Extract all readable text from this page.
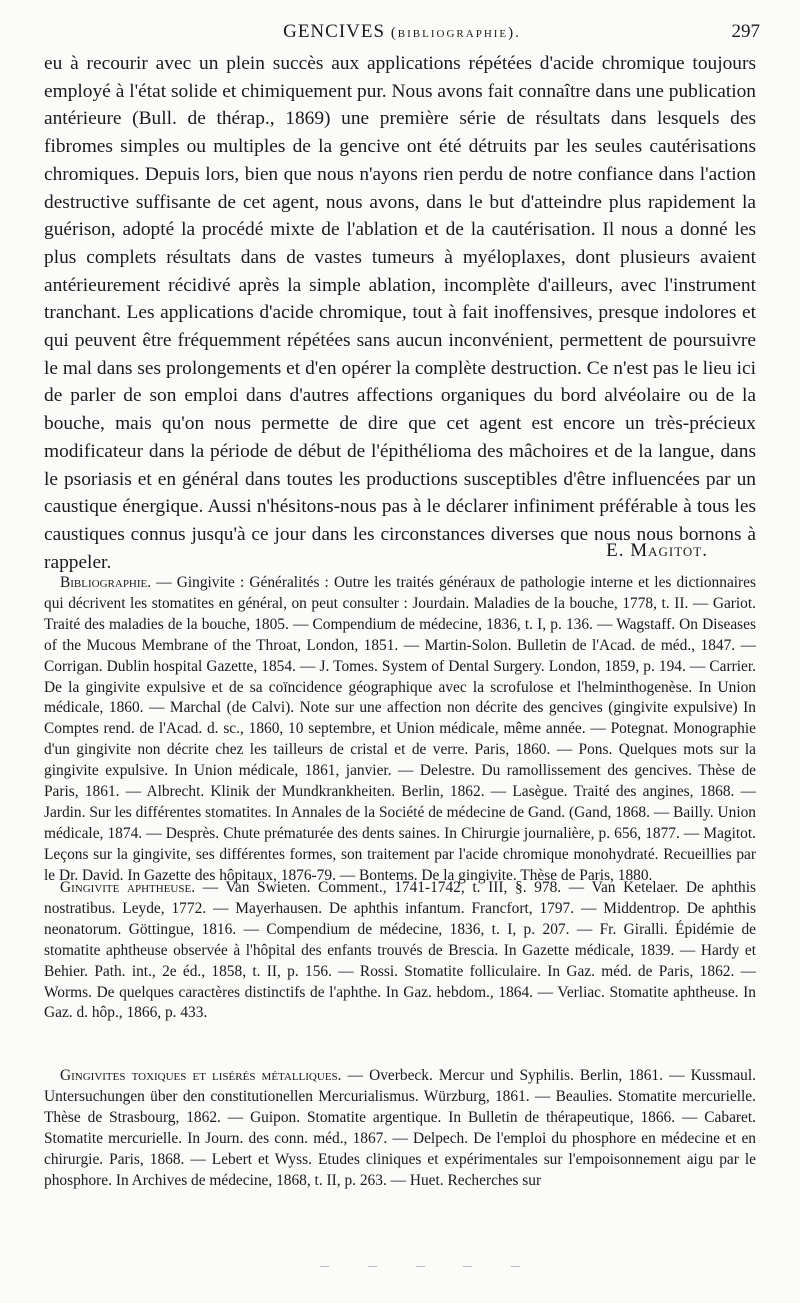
GENCIVES (bibliographie).	297

eu à recourir avec un plein succès aux applications répétées d'acide chromique toujours employé à l'état solide et chimiquement pur. Nous avons fait connaître dans une publication antérieure (Bull. de thérap., 1869) une première série de résultats dans lesquels des fibromes simples ou multiples de la gencive ont été détruits par les seules cautérisations chromiques. Depuis lors, bien que nous n'ayons rien perdu de notre confiance dans l'action destructive suffisante de cet agent, nous avons, dans le but d'atteindre plus rapidement la guérison, adopté la procédé mixte de l'ablation et de la cautérisation. Il nous a donné les plus complets résultats dans de vastes tumeurs à myéloplaxes, dont plusieurs avaient antérieurement récidivé après la simple ablation, incomplète d'ailleurs, avec l'instrument tranchant. Les applications d'acide chromique, tout à fait inoffensives, presque indolores et qui peuvent être fréquemment répétées sans aucun inconvénient, permettent de poursuivre le mal dans ses prolongements et d'en opérer la complète destruction. Ce n'est pas le lieu ici de parler de son emploi dans d'autres affections organiques du bord alvéolaire ou de la bouche, mais qu'on nous permette de dire que cet agent est encore un très-précieux modificateur dans la période de début de l'épithélioma des mâchoires et de la langue, dans le psoriasis et en général dans toutes les productions susceptibles d'être influencées par un caustique énergique. Aussi n'hésitons-nous pas à le déclarer infiniment préférable à tous les caustiques connus jusqu'à ce jour dans les circonstances diverses que nous nous bornons à rappeler.

E. Magitot.

Bibliographie. — Gingivite : Généralités : Outre les traités généraux de pathologie interne et les dictionnaires qui décrivent les stomatites en général, on peut consulter : Jourdain. Maladies de la bouche, 1778, t. II. — Gariot. Traité des maladies de la bouche, 1805. — Compendium de médecine, 1836, t. I, p. 136. — Wagstaff. On Diseases of the Mucous Membrane of the Throat, London, 1851. — Martin-Solon. Bulletin de l'Acad. de méd., 1847. — Corrigan. Dublin hospital Gazette, 1854. — J. Tomes. System of Dental Surgery. London, 1859, p. 194. — Carrier. De la gingivite expulsive et de sa coïncidence géographique avec la scrofulose et l'helminthogenèse. In Union médicale, 1860. — Marchal (de Calvi). Note sur une affection non décrite des gencives (gingivite expulsive) In Comptes rend. de l'Acad. d. sc., 1860, 10 septembre, et Union médicale, même année. — Potegnat. Monographie d'un gingivite non décrite chez les tailleurs de cristal et de verre. Paris, 1860. — Pons. Quelques mots sur la gingivite expulsive. In Union médicale, 1861, janvier. — Delestre. Du ramollissement des gencives. Thèse de Paris, 1861. — Albrecht. Klinik der Mundkrankheiten. Berlin, 1862. — Lasègue. Traité des angines, 1868. — Jardin. Sur les différentes stomatites. In Annales de la Société de médecine de Gand. (Gand, 1868. — Bailly. Union médicale, 1874. — Desprès. Chute prématurée des dents saines. In Chirurgie journalière, p. 656, 1877. — Magitot. Leçons sur la gingivite, ses différentes formes, son traitement par l'acide chromique monohydraté. Recueillies par le Dr. David. In Gazette des hôpitaux, 1876-79. — Bontems. De la gingivite. Thèse de Paris, 1880.

Gingivite aphtheuse. — Van Swieten. Comment., 1741-1742, t. III, §. 978. — Van Ketelaer. De aphthis nostratibus. Leyde, 1772. — Mayerhausen. De aphthis infantum. Francfort, 1797. — Middentrop. De aphthis neonatorum. Göttingue, 1816. — Compendium de médecine, 1836, t. I, p. 207. — Fr. Giralli. Épidémie de stomatite aphtheuse observée à l'hôpital des enfants trouvés de Brescia. In Gazette médicale, 1839. — Hardy et Behier. Path. int., 2e éd., 1858, t. II, p. 156. — Rossi. Stomatite folliculaire. In Gaz. méd. de Paris, 1862. — Worms. De quelques caractères distinctifs de l'aphthe. In Gaz. hebdom., 1864. — Verliac. Stomatite aphtheuse. In Gaz. d. hôp., 1866, p. 433.

Gingivites toxiques et lisérés métalliques. — Overbeck. Mercur und Syphilis. Berlin, 1861. — Kussmaul. Untersuchungen über den constitutionellen Mercurialismus. Würzburg, 1861. — Beaulies. Stomatite mercurielle. Thèse de Strasbourg, 1862. — Guipon. Stomatite argentique. In Bulletin de thérapeutique, 1866. — Cabaret. Stomatite mercurielle. In Journ. des conn. méd., 1867. — Delpech. De l'emploi du phosphore en médecine et en chirurgie. Paris, 1868. — Lebert et Wyss. Etudes cliniques et expérimentales sur l'empoisonnement aigu par le phosphore. In Archives de médecine, 1868, t. II, p. 263. — Huet. Recherches sur
